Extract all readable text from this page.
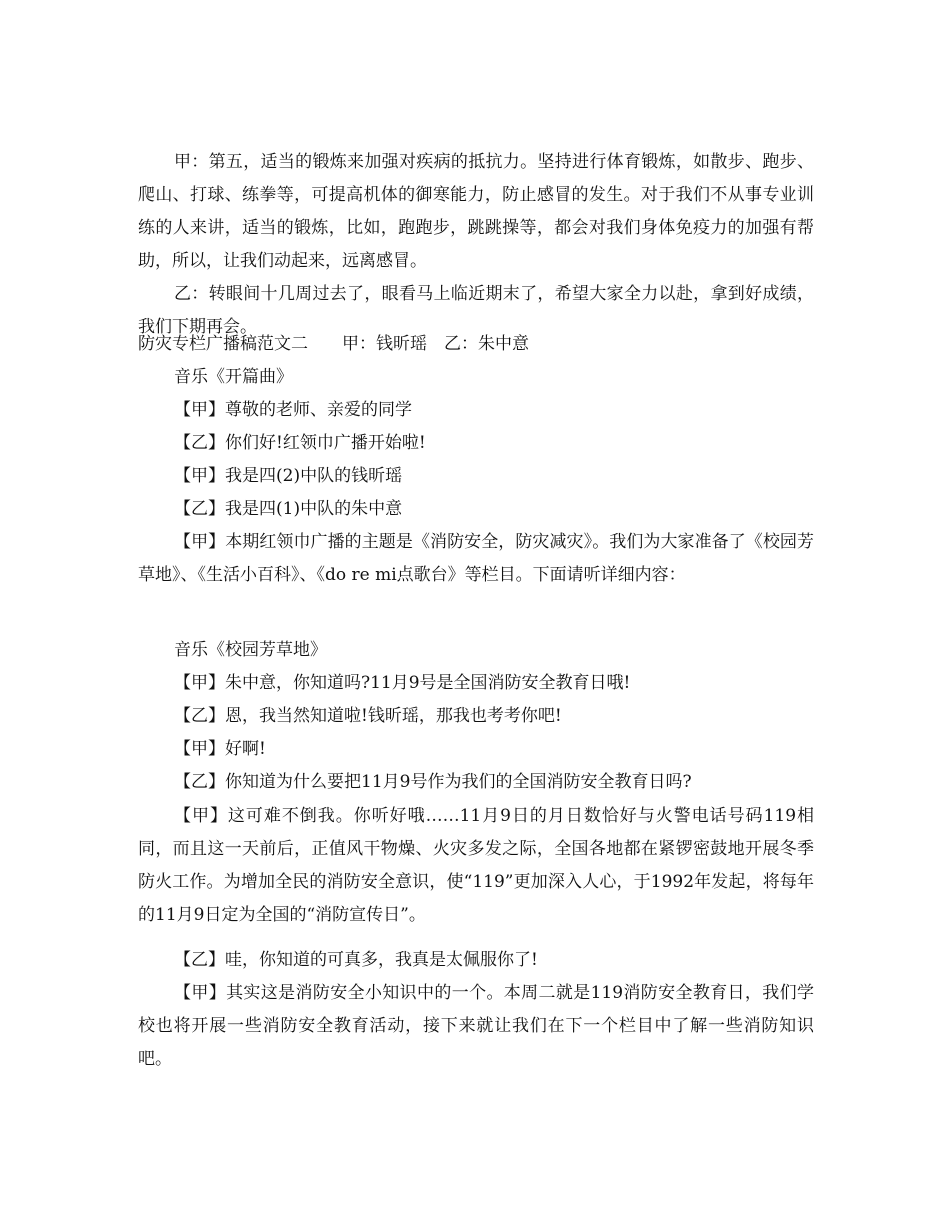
甲：第五，适当的锻炼来加强对疾病的抵抗力。坚持进行体育锻炼，如散步、跑步、爬山、打球、练拳等，可提高机体的御寒能力，防止感冒的发生。对于我们不从事专业训练的人来讲，适当的锻炼，比如，跑跑步，跳跳操等，都会对我们身体免疫力的加强有帮助，所以，让我们动起来，远离感冒。

乙：转眼间十几周过去了，眼看马上临近期末了，希望大家全力以赴，拿到好成绩，我们下期再会。

防灾专栏广播稿范文二　　甲：钱昕瑶　乙：朱中意
音乐《开篇曲》
【甲】尊敬的老师、亲爱的同学
【乙】你们好!红领巾广播开始啦!
【甲】我是四(2)中队的钱昕瑶
【乙】我是四(1)中队的朱中意

【甲】本期红领巾广播的主题是《消防安全，防灾减灾》。我们为大家准备了《校园芳草地》、《生活小百科》、《do re mi点歌台》等栏目。下面请听详细内容：

音乐《校园芳草地》
【甲】朱中意，你知道吗?11月9号是全国消防安全教育日哦!
【乙】恩，我当然知道啦!钱昕瑶，那我也考考你吧!
【甲】好啊!
【乙】你知道为什么要把11月9号作为我们的全国消防安全教育日吗?

【甲】这可难不倒我。你听好哦……11月9日的月日数恰好与火警电话号码119相同，而且这一天前后，正值风干物燥、火灾多发之际，全国各地都在紧锣密鼓地开展冬季防火工作。为增加全民的消防安全意识，使“119”更加深入人心，于1992年发起，将每年的11月9日定为全国的“消防宣传日”。

【乙】哇，你知道的可真多，我真是太佩服你了!

【甲】其实这是消防安全小知识中的一个。本周二就是119消防安全教育日，我们学校也将开展一些消防安全教育活动，接下来就让我们在下一个栏目中了解一些消防知识吧。
